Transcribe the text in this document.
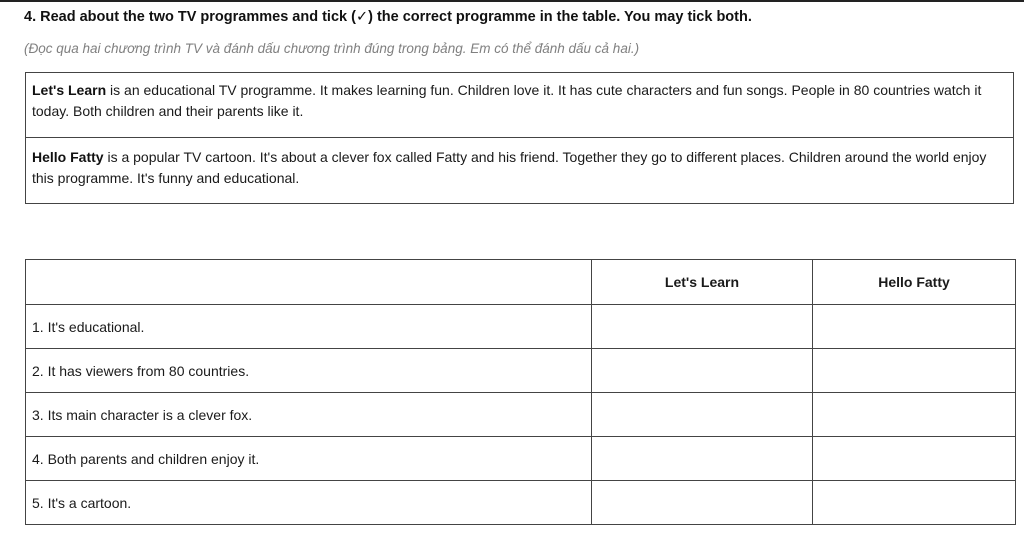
4. Read about the two TV programmes and tick (✓) the correct programme in the table. You may tick both.
(Đọc qua hai chương trình TV và đánh dấu chương trình đúng trong bảng. Em có thể đánh dấu cả hai.)
Let's Learn is an educational TV programme. It makes learning fun. Children love it. It has cute characters and fun songs. People in 80 countries watch it today. Both children and their parents like it.
Hello Fatty is a popular TV cartoon. It's about a clever fox called Fatty and his friend. Together they go to different places. Children around the world enjoy this programme. It's funny and educational.
	Let's Learn	Hello Fatty
1. It's educational.		
2. It has viewers from 80 countries.		
3. Its main character is a clever fox.		
4. Both parents and children enjoy it.		
5. It's a cartoon.		
